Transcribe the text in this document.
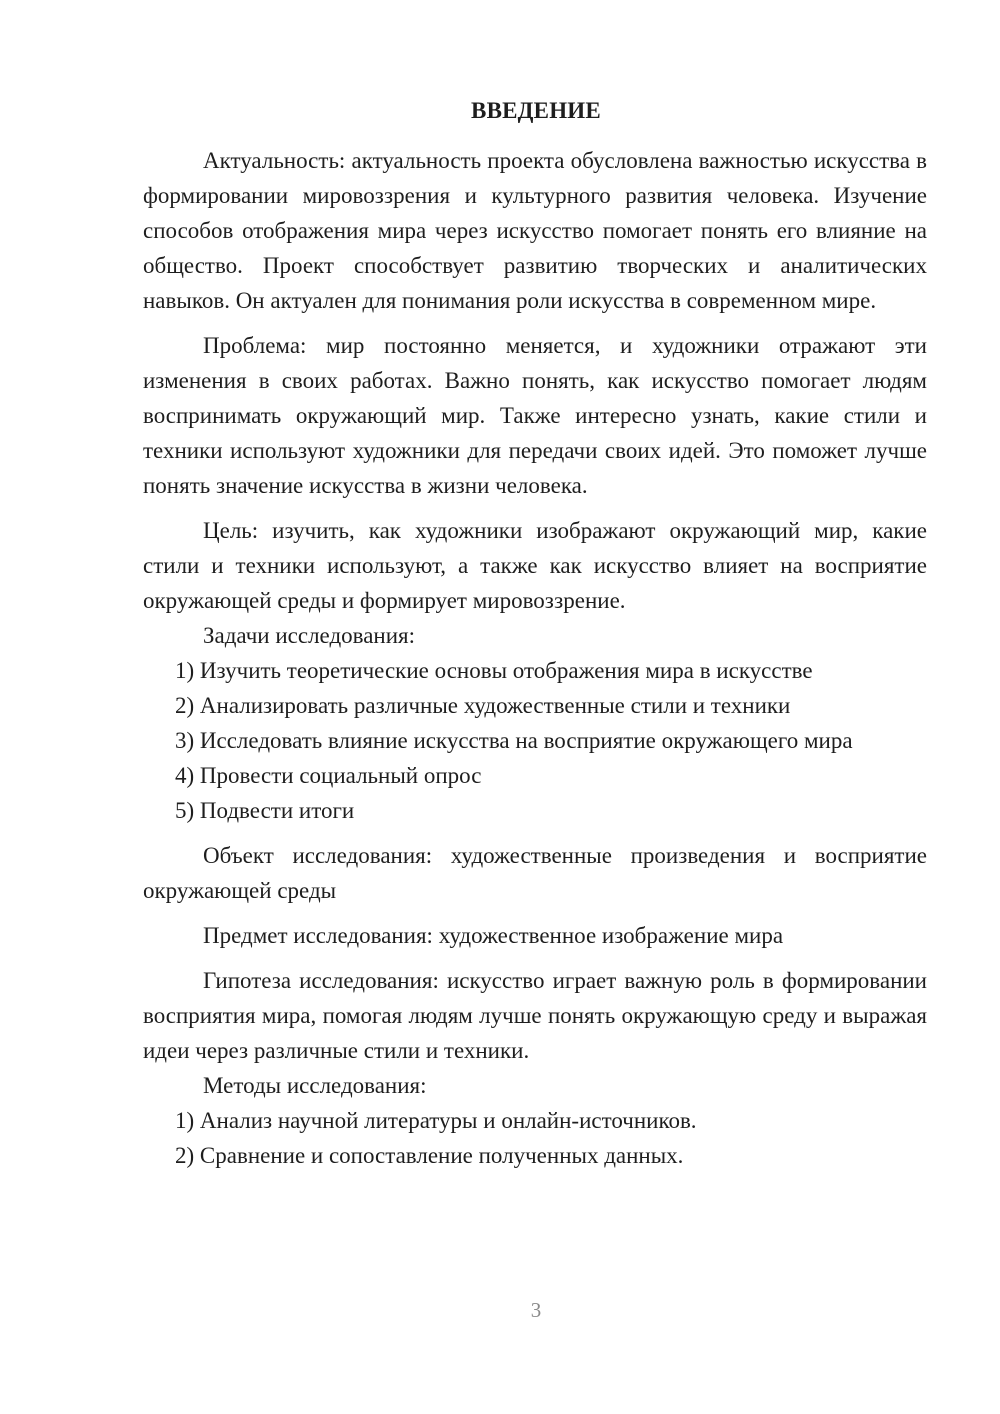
ВВЕДЕНИЕ

Актуальность: актуальность проекта обусловлена важностью искусства в формировании мировоззрения и культурного развития человека. Изучение способов отображения мира через искусство помогает понять его влияние на общество. Проект способствует развитию творческих и аналитических навыков. Он актуален для понимания роли искусства в современном мире.

Проблема: мир постоянно меняется, и художники отражают эти изменения в своих работах. Важно понять, как искусство помогает людям воспринимать окружающий мир. Также интересно узнать, какие стили и техники используют художники для передачи своих идей. Это поможет лучше понять значение искусства в жизни человека.

Цель: изучить, как художники изображают окружающий мир, какие стили и техники используют, а также как искусство влияет на восприятие окружающей среды и формирует мировоззрение.

Задачи исследования:

1) Изучить теоретические основы отображения мира в искусстве

2) Анализировать различные художественные стили и техники

3) Исследовать влияние искусства на восприятие окружающего мира

4) Провести социальный опрос

5) Подвести итоги

Объект исследования: художественные произведения и восприятие окружающей среды

Предмет исследования: художественное изображение мира

Гипотеза исследования: искусство играет важную роль в формировании восприятия мира, помогая людям лучше понять окружающую среду и выражая идеи через различные стили и техники.

Методы исследования:

1) Анализ научной литературы и онлайн-источников.

2) Сравнение и сопоставление полученных данных.

3
